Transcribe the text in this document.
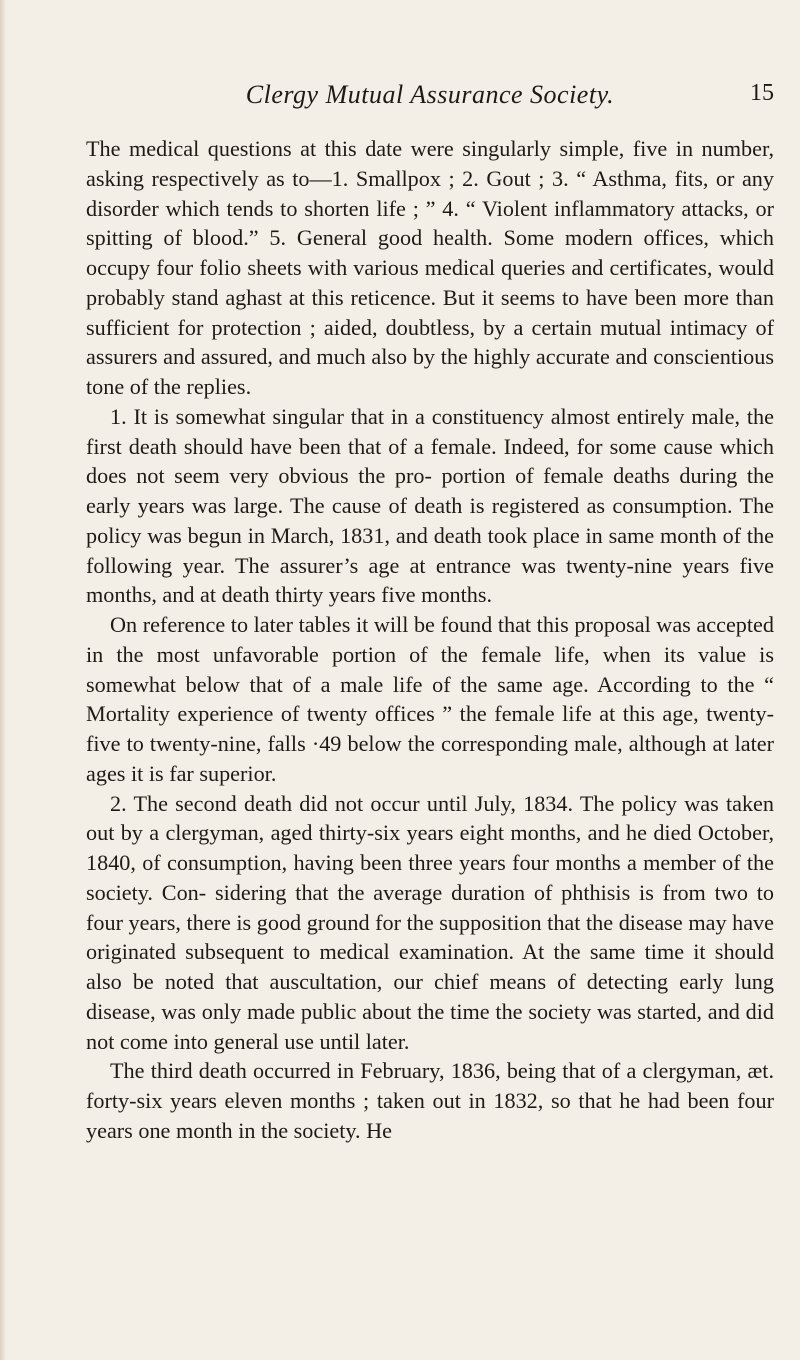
Clergy Mutual Assurance Society.	15

The medical questions at this date were singularly simple, five in number, asking respectively as to—1. Smallpox ; 2. Gout ; 3. “ Asthma, fits, or any disorder which tends to shorten life ; ” 4. “ Violent inflammatory attacks, or spitting of blood.” 5. General good health. Some modern offices, which occupy four folio sheets with various medical queries and certificates, would probably stand aghast at this reticence. But it seems to have been more than sufficient for protection ; aided, doubtless, by a certain mutual intimacy of assurers and assured, and much also by the highly accurate and conscientious tone of the replies.

1. It is somewhat singular that in a constituency almost entirely male, the first death should have been that of a female. Indeed, for some cause which does not seem very obvious the pro- portion of female deaths during the early years was large. The cause of death is registered as consumption. The policy was begun in March, 1831, and death took place in same month of the following year. The assurer’s age at entrance was twenty-nine years five months, and at death thirty years five months.

On reference to later tables it will be found that this proposal was accepted in the most unfavorable portion of the female life, when its value is somewhat below that of a male life of the same age. According to the “ Mortality experience of twenty offices ” the female life at this age, twenty-five to twenty-nine, falls ·49 below the corresponding male, although at later ages it is far superior.

2. The second death did not occur until July, 1834. The policy was taken out by a clergyman, aged thirty-six years eight months, and he died October, 1840, of consumption, having been three years four months a member of the society. Con- sidering that the average duration of phthisis is from two to four years, there is good ground for the supposition that the disease may have originated subsequent to medical examination. At the same time it should also be noted that auscultation, our chief means of detecting early lung disease, was only made public about the time the society was started, and did not come into general use until later.

The third death occurred in February, 1836, being that of a clergyman, æt. forty-six years eleven months ; taken out in 1832, so that he had been four years one month in the society. He
